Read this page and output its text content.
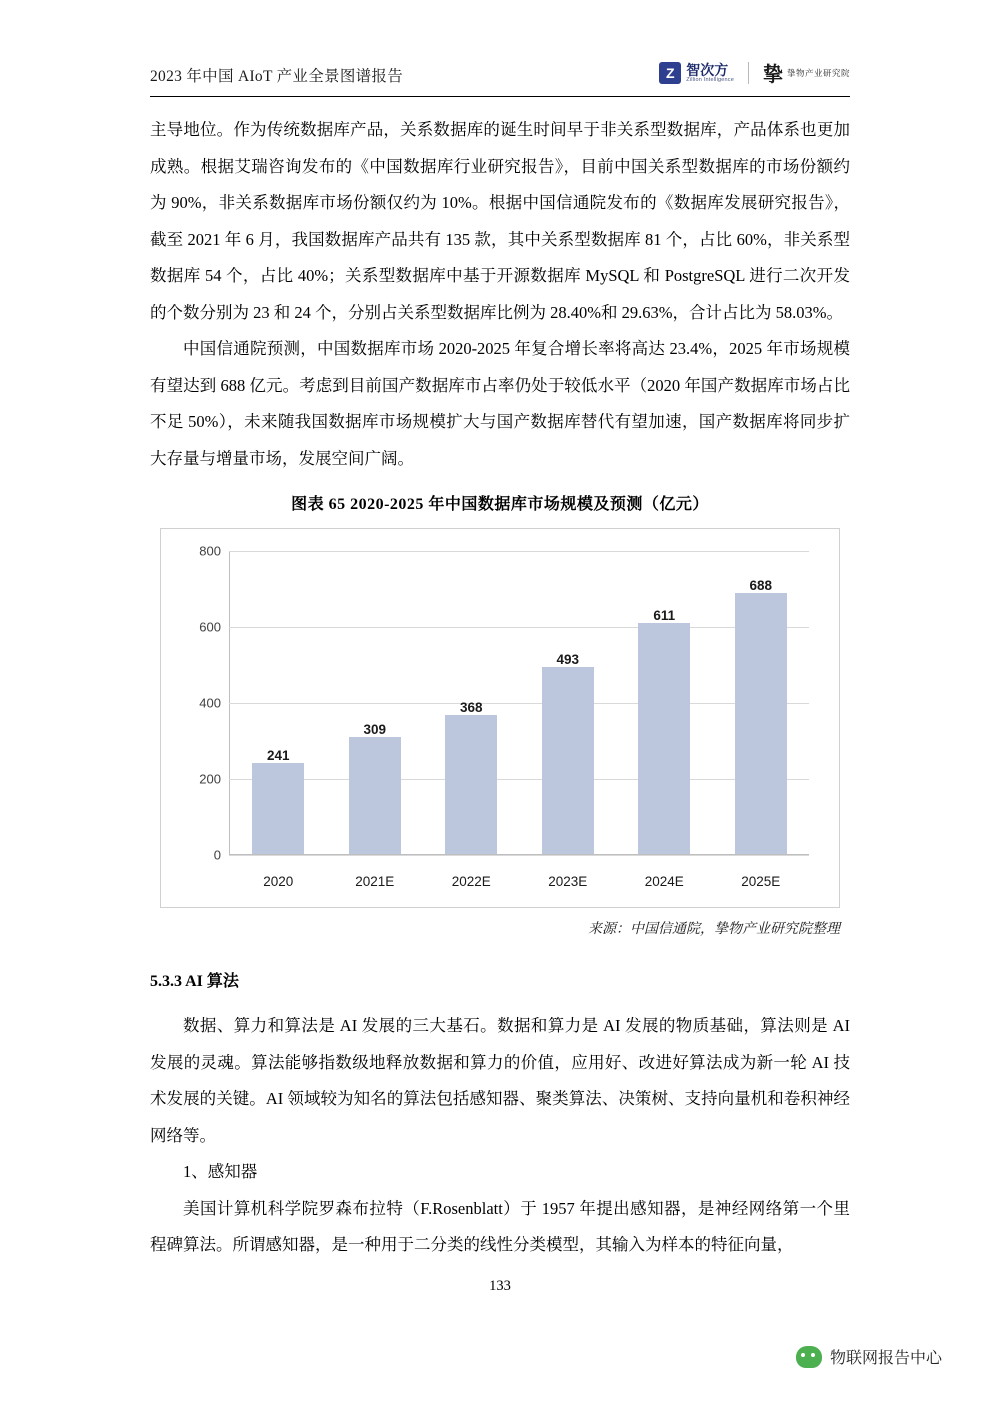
2023 年中国 AIoT 产业全景图谱报告 Z	智次方
Zillion Intelligence 挚 挚物产业研究院

主导地位。作为传统数据库产品，关系数据库的诞生时间早于非关系型数据库，产品体系也更加成熟。根据艾瑞咨询发布的《中国数据库行业研究报告》，目前中国关系型数据库的市场份额约为 90%，非关系数据库市场份额仅约为 10%。根据中国信通院发布的《数据库发展研究报告》，截至 2021 年 6 月，我国数据库产品共有 135 款，其中关系型数据库 81 个，占比 60%，非关系型数据库 54 个，占比 40%；关系型数据库中基于开源数据库 MySQL 和 PostgreSQL 进行二次开发的个数分别为 23 和 24 个，分别占关系型数据库比例为 28.40%和 29.63%，合计占比为 58.03%。

中国信通院预测，中国数据库市场 2020-2025 年复合增长率将高达 23.4%，2025 年市场规模有望达到 688 亿元。考虑到目前国产数据库市占率仍处于较低水平（2020 年国产数据库市场占比不足 50%），未来随我国数据库市场规模扩大与国产数据库替代有望加速，国产数据库将同步扩大存量与增量市场，发展空间广阔。

图表 65 2020-2025 年中国数据库市场规模及预测（亿元）
800
600
400
200
0
241
309
368
493
611
688
2020	2021E	2022E	2023E	2024E	2025E
来源：中国信通院，挚物产业研究院整理
5.3.3 AI 算法

数据、算力和算法是 AI 发展的三大基石。数据和算力是 AI 发展的物质基础，算法则是 AI 发展的灵魂。算法能够指数级地释放数据和算力的价值，应用好、改进好算法成为新一轮 AI 技术发展的关键。AI 领域较为知名的算法包括感知器、聚类算法、决策树、支持向量机和卷积神经网络等。

1、感知器

美国计算机科学院罗森布拉特（F.Rosenblatt）于 1957 年提出感知器，是神经网络第一个里程碑算法。所谓感知器，是一种用于二分类的线性分类模型，其输入为样本的特征向量，

133
物联网报告中心
